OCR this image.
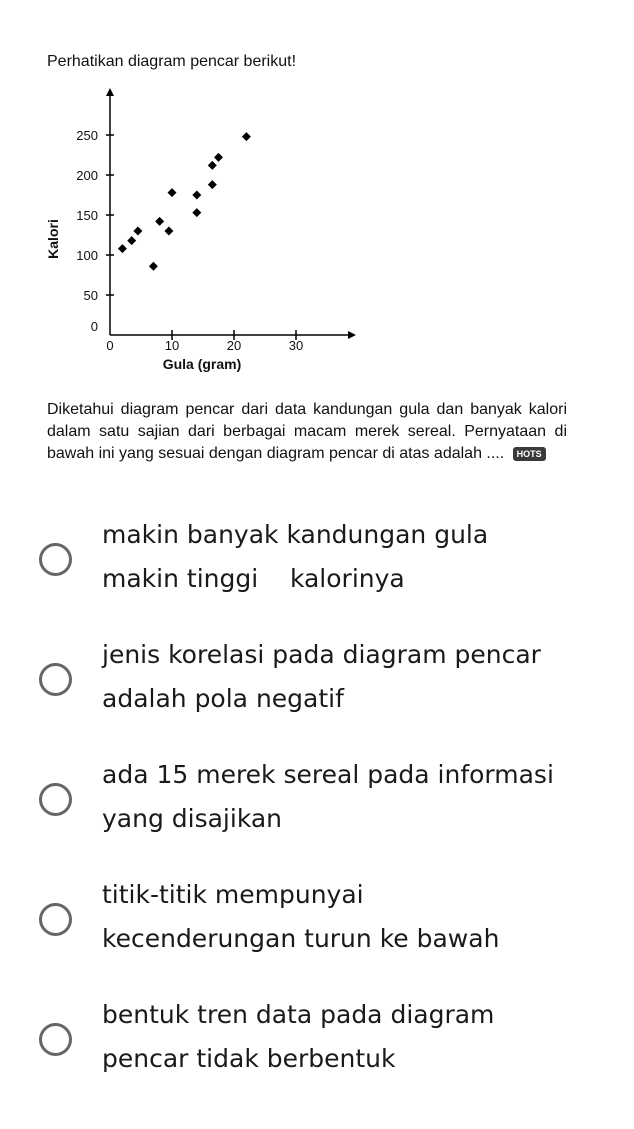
Perhatikan diagram pencar berikut!
0
50
100
150
200
250
0	10	20	30
Gula (gram)
Kalori
Diketahui diagram pencar dari data kandungan gula dan banyak kalori dalam satu sajian dari berbagai macam merek sereal. Pernyataan di bawah ini yang sesuai dengan diagram pencar di atas adalah .... HOTS
makin banyak kandungan gula
makin tinggi    kalorinya
jenis korelasi pada diagram pencar
adalah pola negatif
ada 15 merek sereal pada informasi
yang disajikan
titik-titik mempunyai
kecenderungan turun ke bawah
bentuk tren data pada diagram
pencar tidak berbentuk
